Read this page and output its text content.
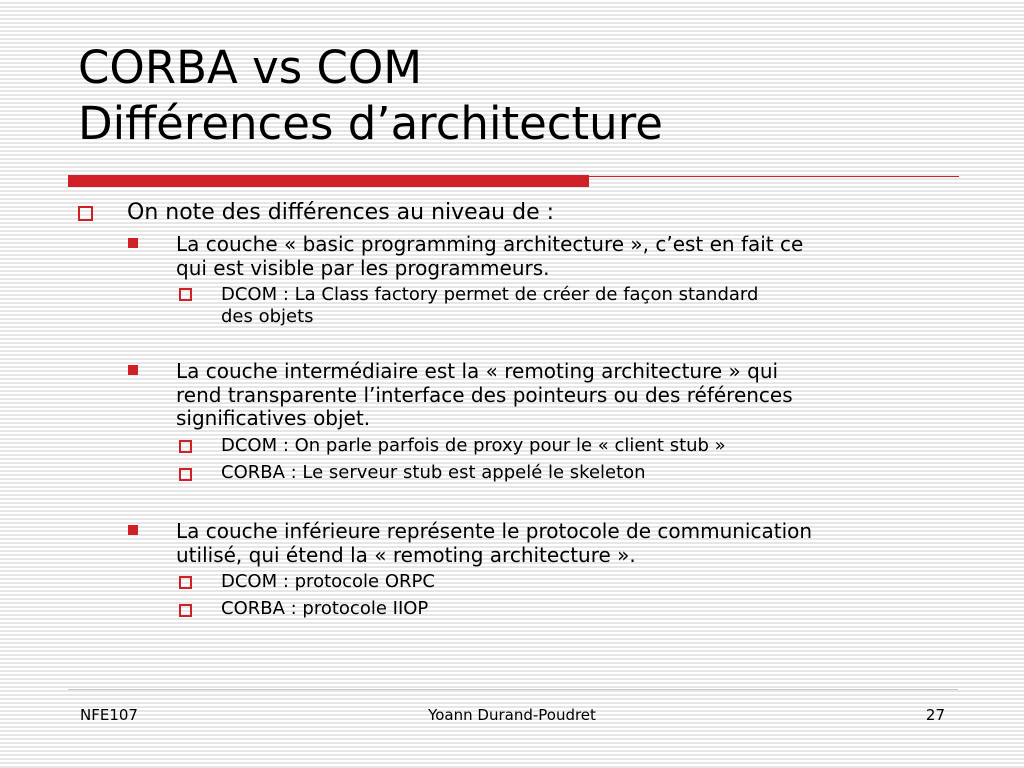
CORBA vs COM
Différences d’architecture
On note des différences au niveau de :
La couche « basic programming architecture », c’est en fait ce
qui est visible par les programmeurs.
DCOM : La Class factory permet de créer de façon standard
des objets
La couche intermédiaire est la « remoting architecture » qui
rend transparente l’interface des pointeurs ou des références
significatives objet.
DCOM : On parle parfois de proxy pour le « client stub »
CORBA : Le serveur stub est appelé le skeleton
La couche inférieure représente le protocole de communication
utilisé, qui étend la « remoting architecture ».
DCOM : protocole ORPC
CORBA : protocole IIOP
NFE107	Yoann Durand-Poudret	27
